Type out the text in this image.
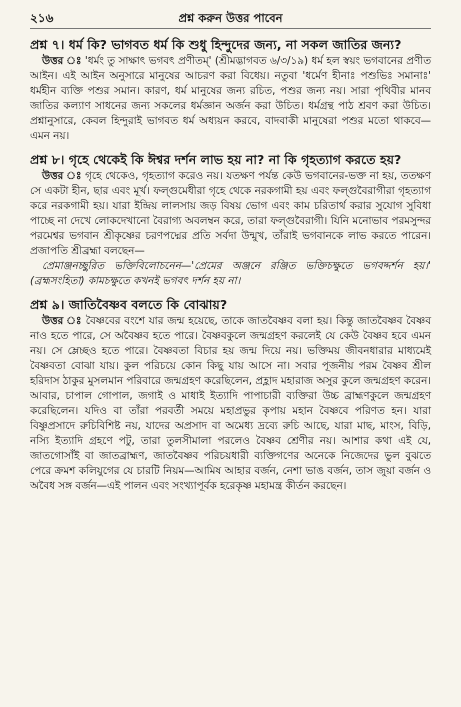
২১৬	প্রশ্ন করুন উত্তর পাবেন

প্রশ্ন ৭। ধর্ম কি? ভাগবত ধর্ম কি শুধু হিন্দুদের জন্য, না সকল জাতির জন্য?

উত্তর ঃ 'ধর্মং তু সাক্ষাৎ ভগবৎ প্রণীতম্' (শ্রীমদ্ভাগবত ৬/৩/১৯) ধর্ম হল স্বয়ং ভগবানের প্রণীত আইন। এই আইন অনুসারে মানুষের আচরণ করা বিধেয়। নতুবা 'ধর্মেণ হীনাঃ পশুভিঃ সমানাঃ' ধর্মহীন ব্যক্তি পশুর সমান। কারণ, ধর্ম মানুষের জন্য রচিত, পশুর জন্য নয়। সারা পৃথিবীর মানব জাতির কল্যাণ সাধনের জন্য সকলের ধর্মজ্ঞান অর্জন করা উচিত। ধর্মগ্রন্থ পাঠ শ্রবণ করা উচিত। প্রশ্নানুসারে, কেবল হিন্দুরাই ভাগবত ধর্ম অধ্যয়ন করবে, বাদবাকী মানুষেরা পশুর মতো থাকবে—এমন নয়।

প্রশ্ন ৮। গৃহে থেকেই কি ঈশ্বর দর্শন লাভ হয় না? না কি গৃহত্যাগ করতে হয়?

উত্তর ঃ গৃহে থেকেও, গৃহত্যাগ করেও নয়। যতক্ষণ পর্যন্ত কেউ ভগবানের-ভক্ত না হয়, ততক্ষণ সে একটা হীন, ছার এবং মূর্খ। ফল্গুমেধীরা গৃহে থেকে নরকগামী হয় এবং ফল্গুবৈরাগীরা গৃহত্যাগ করে নরকগামী হয়। যারা ইন্দ্রিয় লালসায় জড় বিষয় ভোগ এবং কাম চরিতার্থ করার সুযোগ সুবিধা পাচ্ছে না দেখে লোকদেখানো বৈরাগ্য অবলম্বন করে, তারা ফল্গুবৈরাগী। যিনি মনোভাব পরমসুন্দর পরমেশ্বর ভগবান শ্রীকৃষ্ণের চরণপদ্মের প্রতি সর্বদা উন্মুখ, তাঁরাই ভগবানকে লাভ করতে পারেন। প্রজাপতি শ্রীব্রহ্মা বলছেন—

প্রেমাঞ্জনচ্ছুরিত ভক্তিবিলোচনেন—'প্রেমের অঞ্জনে রঞ্জিত ভক্তিচক্ষুতে ভগবদ্দর্শন হয়।' (ব্রহ্মসংহিতা) কামচক্ষুতে কখনই ভগবৎ দর্শন হয় না।

প্রশ্ন ৯। জাতিবৈষ্ণব বলতে কি বোঝায়?

উত্তর ঃ বৈষ্ণবের বংশে যার জন্ম হয়েছে, তাকে জাতবৈষ্ণব বলা হয়। কিন্তু জাতবৈষ্ণব বৈষ্ণব নাও হতে পারে, সে অবৈষ্ণব হতে পারে। বৈষ্ণবকুলে জন্মগ্রহণ করলেই যে কেউ বৈষ্ণব হবে এমন নয়। সে ম্লেচ্ছও হতে পারে। বৈষ্ণবতা বিচার হয় জন্ম দিয়ে নয়। ভক্তিময় জীবনধারার মাধ্যমেই বৈষ্ণবতা বোঝা যায়। কুল পরিচয়ে কোন কিছু যায় আসে না। সবার পূজনীয় পরম বৈষ্ণব শ্রীল হরিদাস ঠাকুর মুসলমান পরিবারে জন্মগ্রহণ করেছিলেন, প্রহ্লাদ মহারাজ অসুর কুলে জন্মগ্রহণ করেন। আবার, চাপাল গোপাল, জগাই ও মাধাই ইত্যাদি পাপাচারী ব্যক্তিরা উচ্চ ব্রাহ্মণকুলে জন্মগ্রহণ করেছিলেন। যদিও বা তাঁরা পরবর্তী সময়ে মহাপ্রভুর কৃপায় মহান বৈষ্ণবে পরিণত হন। যারা বিষ্ণুপ্রসাদে রুচিবিশিষ্ট নয়, যাদের অপ্রসাদ বা অমেধ্য দ্রব্যে রুচি আছে, যারা মাছ, মাংস, বিড়ি, নস্যি ইত্যাদি গ্রহণে পটু, তারা তুলসীমালা পরলেও বৈষ্ণব শ্রেণীর নয়। আশার কথা এই যে, জাতগোসাঁই বা জাতব্রাহ্মণ, জাতবৈষ্ণব পরিচয়ধারী ব্যক্তিগণের অনেকে নিজেদের ভুল বুঝতে পেরে ক্রমশ কলিযুগের যে চারটি নিয়ম—আমিষ আহার বর্জন, নেশা ভাঙ বর্জন, তাস জুয়া বর্জন ও অবৈধ সঙ্গ বর্জন—এই পালন এবং সংখ্যাপূর্বক হরেকৃষ্ণ মহামন্ত্র কীর্তন করছেন।
